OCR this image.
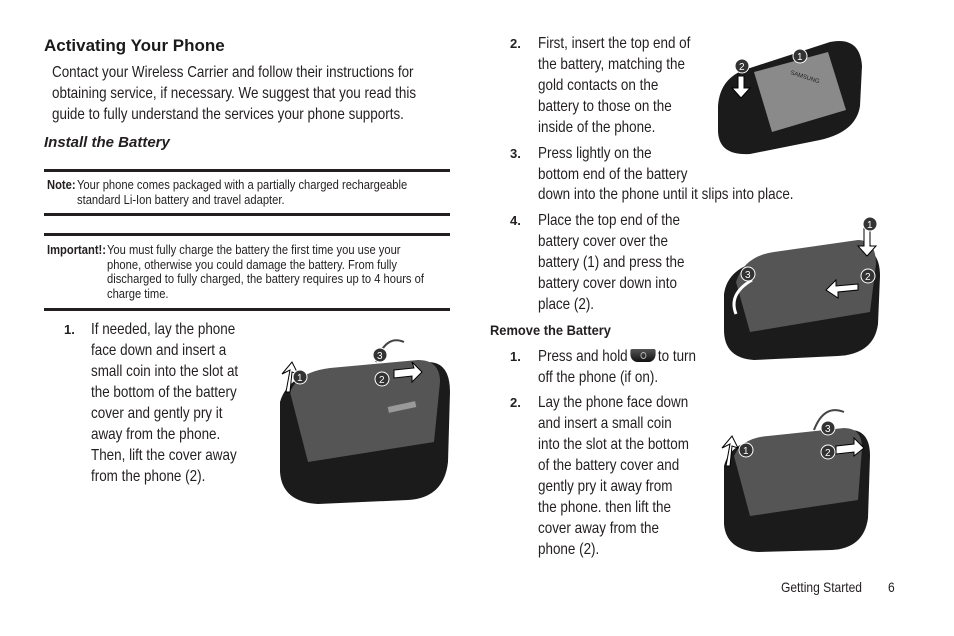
Activating Your Phone
Contact your Wireless Carrier and follow their instructions for
obtaining service, if necessary. We suggest that you read this
guide to fully understand the services your phone supports.
Install the Battery
Note: Your phone comes packaged with a partially charged rechargeable
standard Li-Ion battery and travel adapter.
Important!: You must fully charge the battery the first time you use your
phone, otherwise you could damage the battery. From fully
discharged to fully charged, the battery requires up to 4 hours of
charge time.
1. If needed, lay the phone
face down and insert a
small coin into the slot at
the bottom of the battery
cover and gently pry it
away from the phone.
Then, lift the cover away
from the phone (2).
2. First, insert the top end of
the battery, matching the
gold contacts on the
battery to those on the
inside of the phone.
3. Press lightly on the
bottom end of the battery
down into the phone until it slips into place.
4. Place the top end of the
battery cover over the
battery (1) and press the
battery cover down into
place (2).
Remove the Battery
1. Press and hold to turn
off the phone (if on).
2. Lay the phone face down
and insert a small coin
into the slot at the bottom
of the battery cover and
gently pry it away from
the phone. then lift the
cover away from the
phone (2).
1	2
3
SAMSUNG
2
1
1
2
3
1	2
3
Getting Started 6
